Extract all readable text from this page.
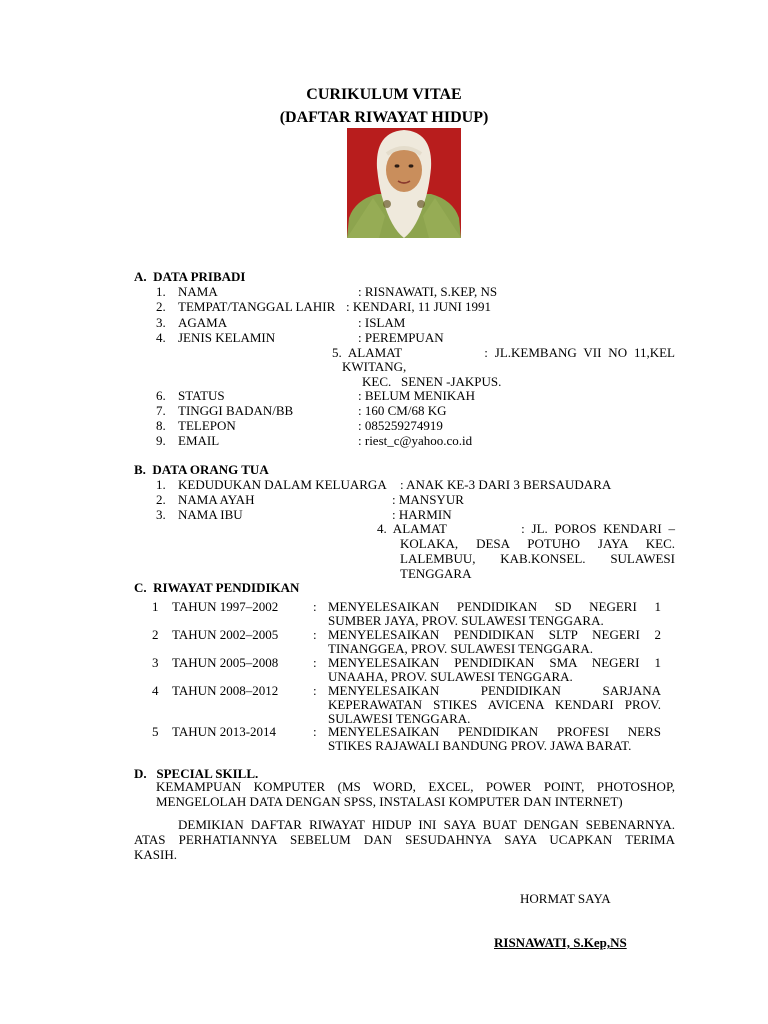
CURIKULUM VITAE
(DAFTAR RIWAYAT HIDUP)
A.  DATA PRIBADI
1. NAMA	: RISNAWATI, S.KEP, NS
2. TEMPAT/TANGGAL LAHIR : KENDARI, 11 JUNI 1991
3. AGAMA	: ISLAM
4. JENIS KELAMIN	: PEREMPUAN
5. ALAMAT            : JL.KEMBANG VII NO 11,KEL
KWITANG,
KEC.   SENEN -JAKPUS.
6. STATUS	: BELUM MENIKAH
7. TINGGI BADAN/BB	: 160 CM/68 KG
8. TELEPON	: 085259274919
9. EMAIL	: riest_c@yahoo.co.id
B.  DATA ORANG TUA
1. KEDUDUKAN DALAM KELUARGA : ANAK KE-3 DARI 3 BERSAUDARA
2. NAMA AYAH	: MANSYUR
3. NAMA IBU	: HARMIN
4. ALAMAT           : JL. POROS KENDARI –
KOLAKA, DESA POTUHO JAYA KEC.
LALEMBUU, KAB.KONSEL. SULAWESI
TENGGARA
C.  RIWAYAT PENDIDIKAN
1 TAHUN 1997–2002	: MENYELESAIKAN PENDIDIKAN SD NEGERI 1
SUMBER JAYA, PROV. SULAWESI TENGGARA.
2 TAHUN 2002–2005	: MENYELESAIKAN PENDIDIKAN SLTP NEGERI 2
TINANGGEA, PROV. SULAWESI TENGGARA.
3 TAHUN 2005–2008	: MENYELESAIKAN PENDIDIKAN SMA NEGERI 1
UNAAHA, PROV. SULAWESI TENGGARA.
4 TAHUN 2008–2012	: MENYELESAIKAN PENDIDIKAN SARJANA
KEPERAWATAN STIKES AVICENA KENDARI PROV.
SULAWESI TENGGARA.
5 TAHUN 2013-2014	: MENYELESAIKAN PENDIDIKAN PROFESI NERS
STIKES RAJAWALI BANDUNG PROV. JAWA BARAT.
D.   SPECIAL SKILL.
KEMAMPUAN KOMPUTER (MS WORD, EXCEL, POWER POINT, PHOTOSHOP,
MENGELOLAH DATA DENGAN SPSS, INSTALASI KOMPUTER DAN INTERNET)
DEMIKIAN DAFTAR RIWAYAT HIDUP INI SAYA BUAT DENGAN SEBENARNYA.
ATAS PERHATIANNYA SEBELUM DAN SESUDAHNYA SAYA UCAPKAN TERIMA
KASIH.
HORMAT SAYA
RISNAWATI, S.Kep,NS
